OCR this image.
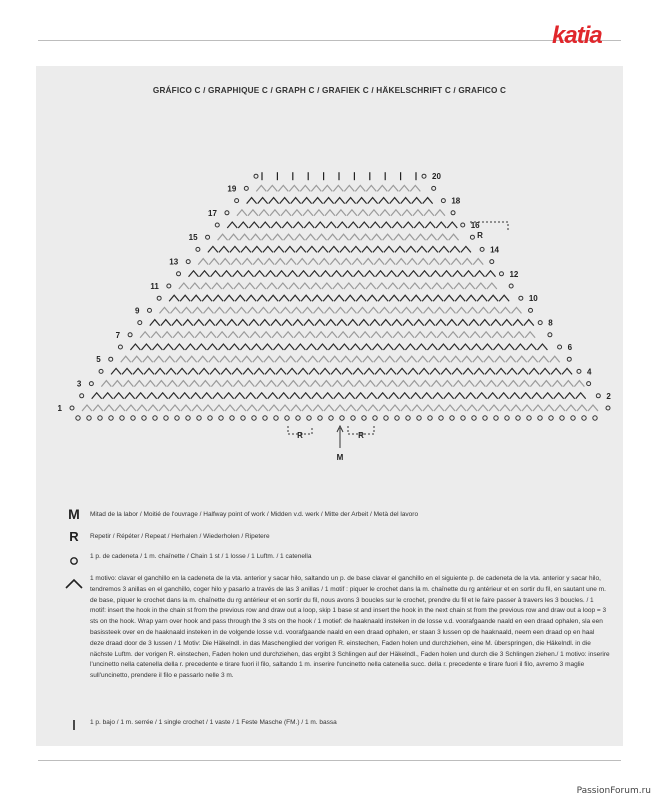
katia
GRÁFICO C / GRAPHIQUE C / GRAPH C / GRAFIEK C / HÄKELSCHRIFT C / GRAFICO C
1
2
3
4
5
6
7
8
9
10
11
12
13
14
15
16
17
18
19
20
R	R
R
M
M	Mitad de la labor / Moitié de l'ouvrage / Halfway point of work / Midden v.d. werk / Mitte der Arbeit / Metà del lavoro
R	Repetir / Répéter / Repeat / Herhalen / Wiederholen / Ripetere
1 p. de cadeneta / 1 m. chaînette / Chain 1 st / 1 losse / 1 Luftm. / 1 catenella
1 motivo: clavar el ganchillo en la cadeneta de la vta. anterior y sacar hilo, saltando un p. de base clavar el ganchillo en el siguiente p. de cadeneta de la vta. anterior y sacar hilo, tendremos 3 anillas en el ganchillo, coger hilo y pasarlo a través de las 3 anillas / 1 motif : piquer le crochet dans la m. chaînette du rg antérieur et en sortir du fil, en sautant une m. de base, piquer le crochet dans la m. chaînette du rg antérieur et en sortir du fil, nous avons 3 boucles sur le crochet, prendre du fil et le faire passer à travers les 3 boucles. / 1 motif: insert the hook in the chain st from the previous row and draw out a loop, skip 1 base st and insert the hook in the next chain st from the previous row and draw out a loop = 3 sts on the hook. Wrap yarn over hook and pass through the 3 sts on the hook / 1 motief: de haaknaald insteken in de losse v.d. voorafgaande naald en een draad ophalen, sla een basissteek over en de haaknaald insteken in de volgende losse v.d. voorafgaande naald en een draad ophalen, er staan 3 lussen op de haaknaald, neem een draad op en haal deze draad door de 3 lussen / 1 Motiv: Die Häkelndl. in das Maschenglied der vorigen R. einstechen, Faden holen und durchziehen, eine M. überspringen, die Häkelndl. in die nächste Luftm. der vorigen R. einstechen, Faden holen und durchziehen, das ergibt 3 Schlingen auf der Häkelndl., Faden holen und durch die 3 Schlingen ziehen./ 1 motivo: inserire l'uncinetto nella catenella della r. precedente e tirare fuori il filo, saltando 1 m. inserire l'uncinetto nella catenella succ. della r. precedente e tirare fuori il filo, avremo 3 maglie sull'uncinetto, prendere il filo e passarlo nelle 3 m.
1 p. bajo / 1 m. serrée / 1 single crochet / 1 vaste / 1 Feste Masche (FM.) / 1 m. bassa
PassionForum.ru
